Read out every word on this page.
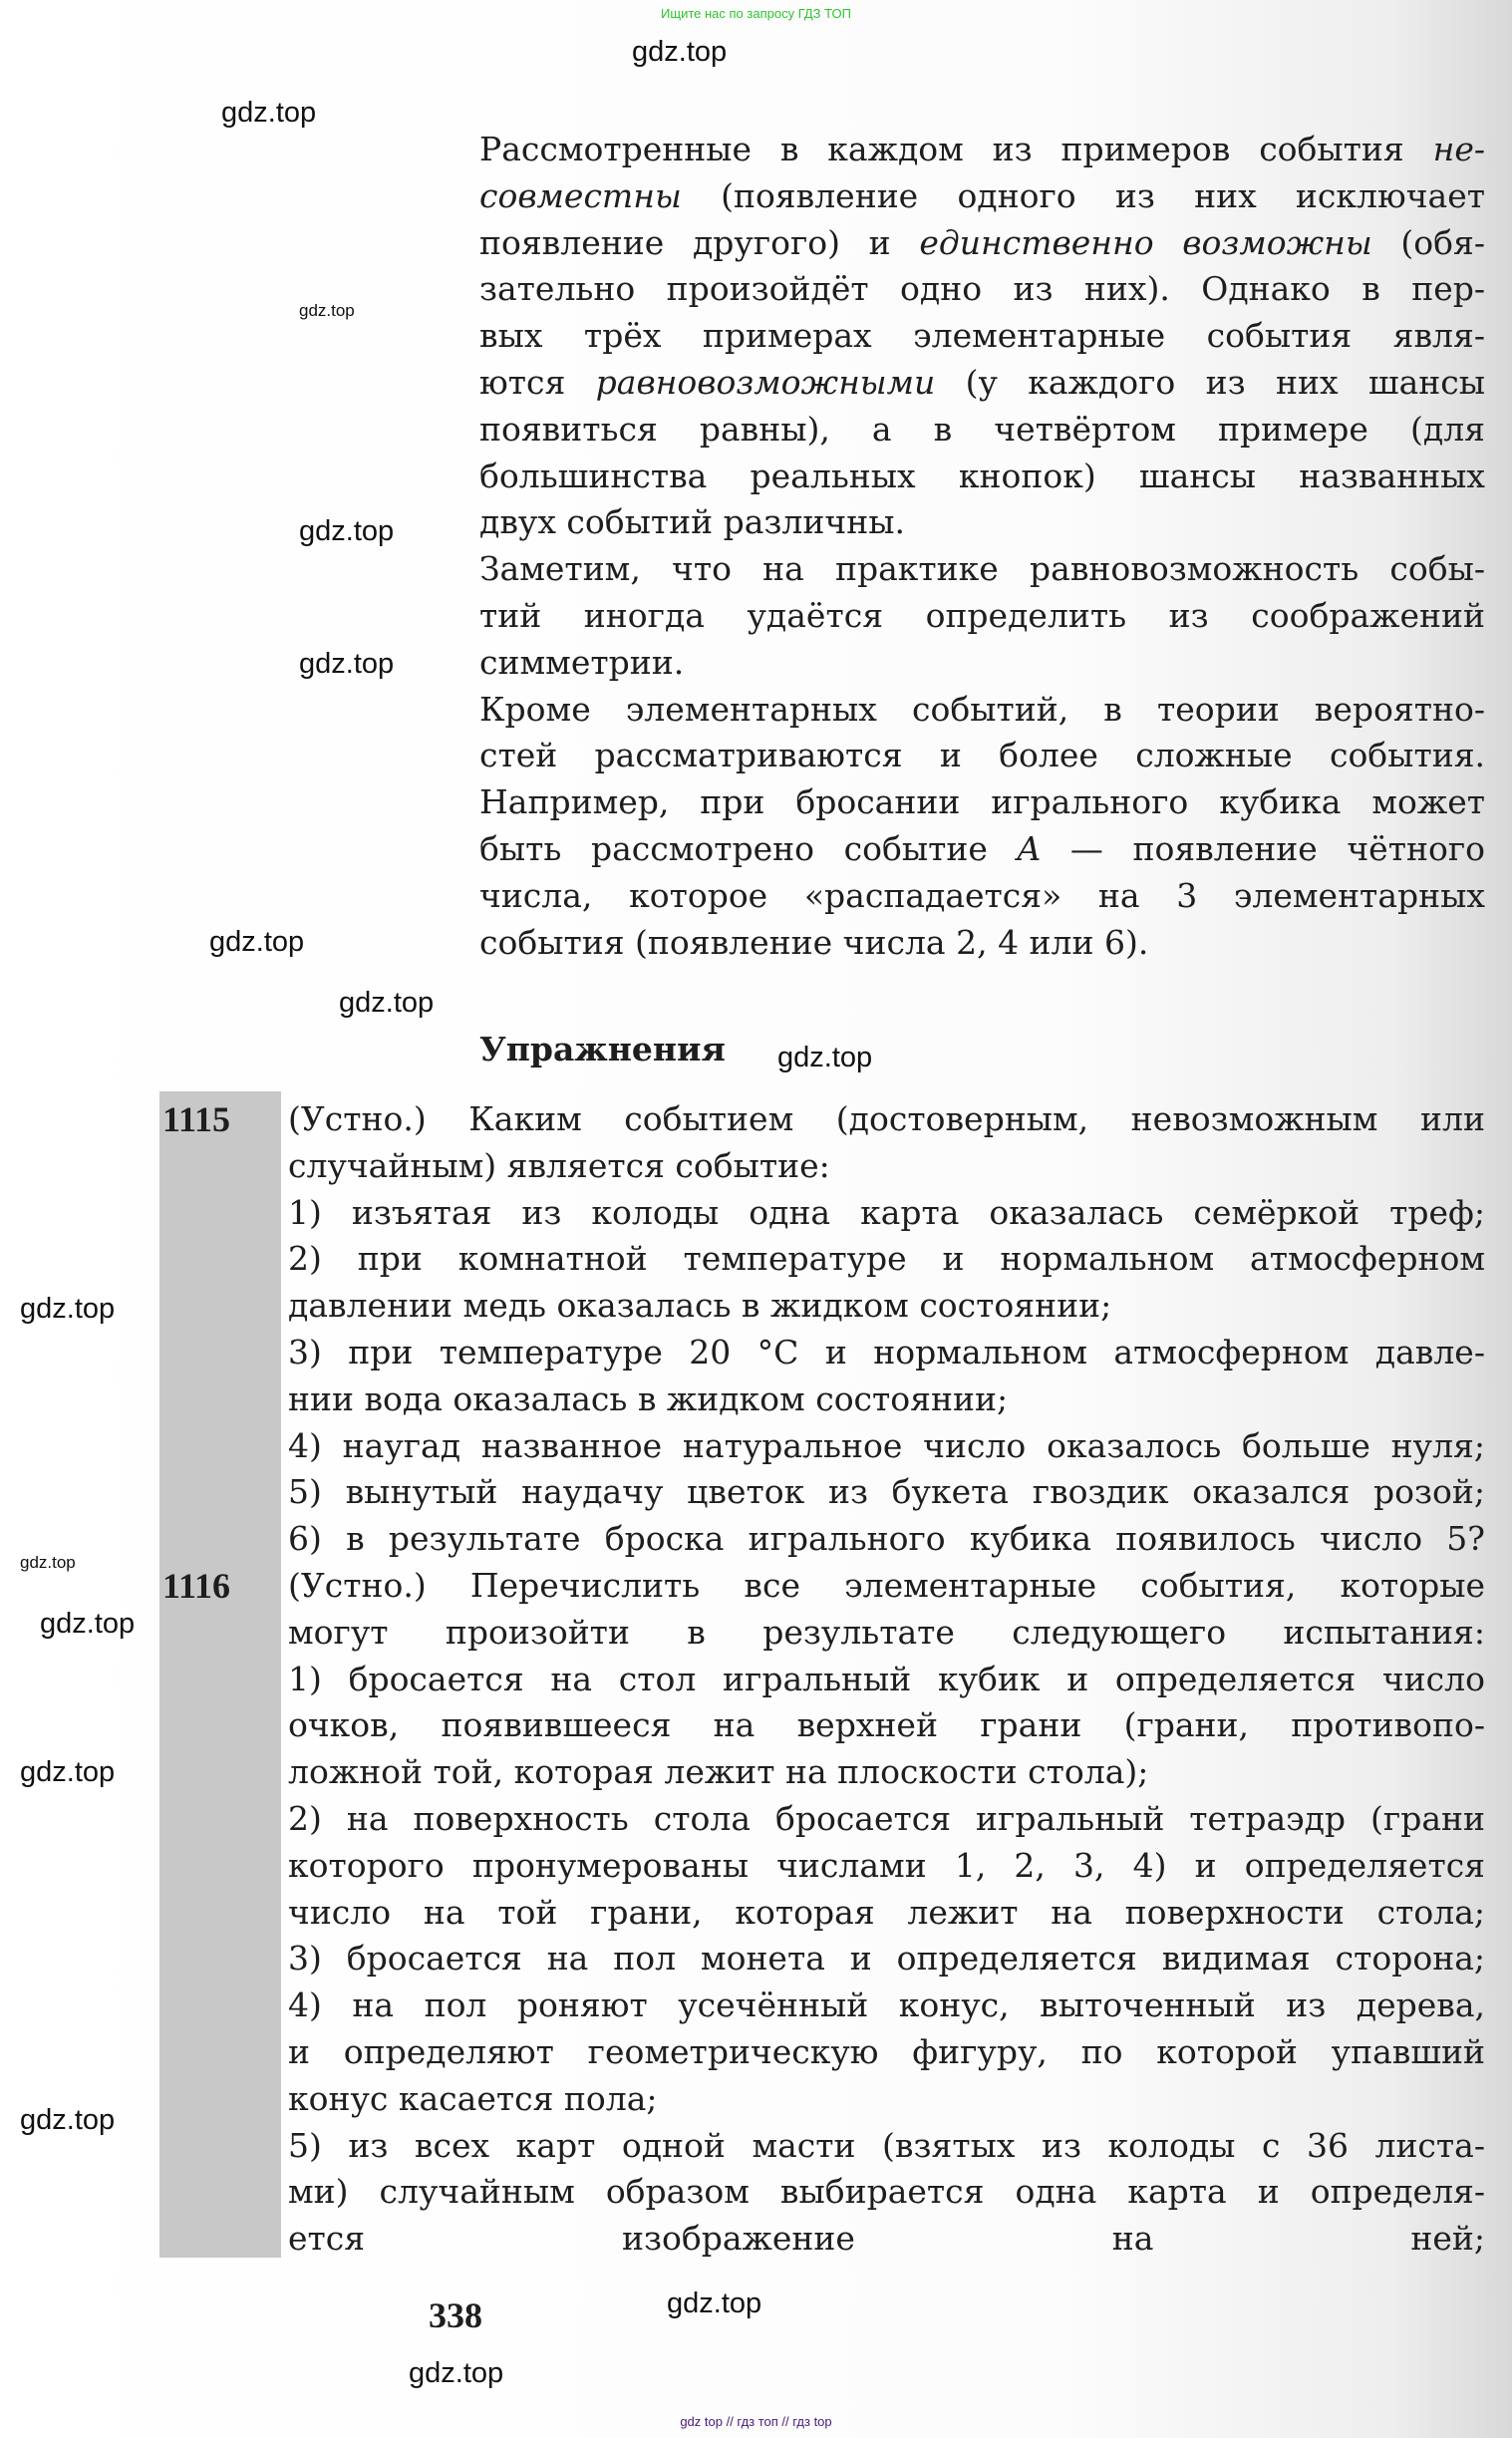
Ищите нас по запросу ГДЗ ТОП
Рассмотренные в каждом из примеров события не-
совместны (появление одного из них исключает
появление другого) и единственно возможны (обя-
зательно произойдёт одно из них). Однако в пер-
вых трёх примерах элементарные события явля-
ются равновозможными (у каждого из них шансы
появиться равны), а в четвёртом примере (для
большинства реальных кнопок) шансы названных
двух событий различны.
Заметим, что на практике равновозможность собы-
тий иногда удаётся определить из соображений
симметрии.
Кроме элементарных событий, в теории вероятно-
стей рассматриваются и более сложные события.
Например, при бросании игрального кубика может
быть рассмотрено событие A — появление чётного
числа, которое «распадается» на 3 элементарных
события (появление числа 2, 4 или 6).
Упражнения
1115 (Устно.) Каким событием (достоверным, невозможным или
случайным) является событие:
1) изъятая из колоды одна карта оказалась семёркой треф;
2) при комнатной температуре и нормальном атмосферном
давлении медь оказалась в жидком состоянии;
3) при температуре 20 °С и нормальном атмосферном давле-
нии вода оказалась в жидком состоянии;
4) наугад названное натуральное число оказалось больше нуля;
5) вынутый наудачу цветок из букета гвоздик оказался розой;
6) в результате броска игрального кубика появилось число 5?
1116 (Устно.) Перечислить все элементарные события, которые
могут произойти в результате следующего испытания:
1) бросается на стол игральный кубик и определяется число
очков, появившееся на верхней грани (грани, противопо-
ложной той, которая лежит на плоскости стола);
2) на поверхность стола бросается игральный тетраэдр (грани
которого пронумерованы числами 1, 2, 3, 4) и определяется
число на той грани, которая лежит на поверхности стола;
3) бросается на пол монета и определяется видимая сторона;
4) на пол роняют усечённый конус, выточенный из дерева,
и определяют геометрическую фигуру, по которой упавший
конус касается пола;
5) из всех карт одной масти (взятых из колоды с 36 листа-
ми) случайным образом выбирается одна карта и определя-
ется изображение на ней;
338
gdz.top
gdz.top
gdz.top
gdz.top
gdz.top
gdz.top
gdz.top
gdz.top
gdz.top
gdz.top
gdz.top
gdz.top
gdz.top
gdz.top
gdz.top
gdz top // гдз топ // гдз top
